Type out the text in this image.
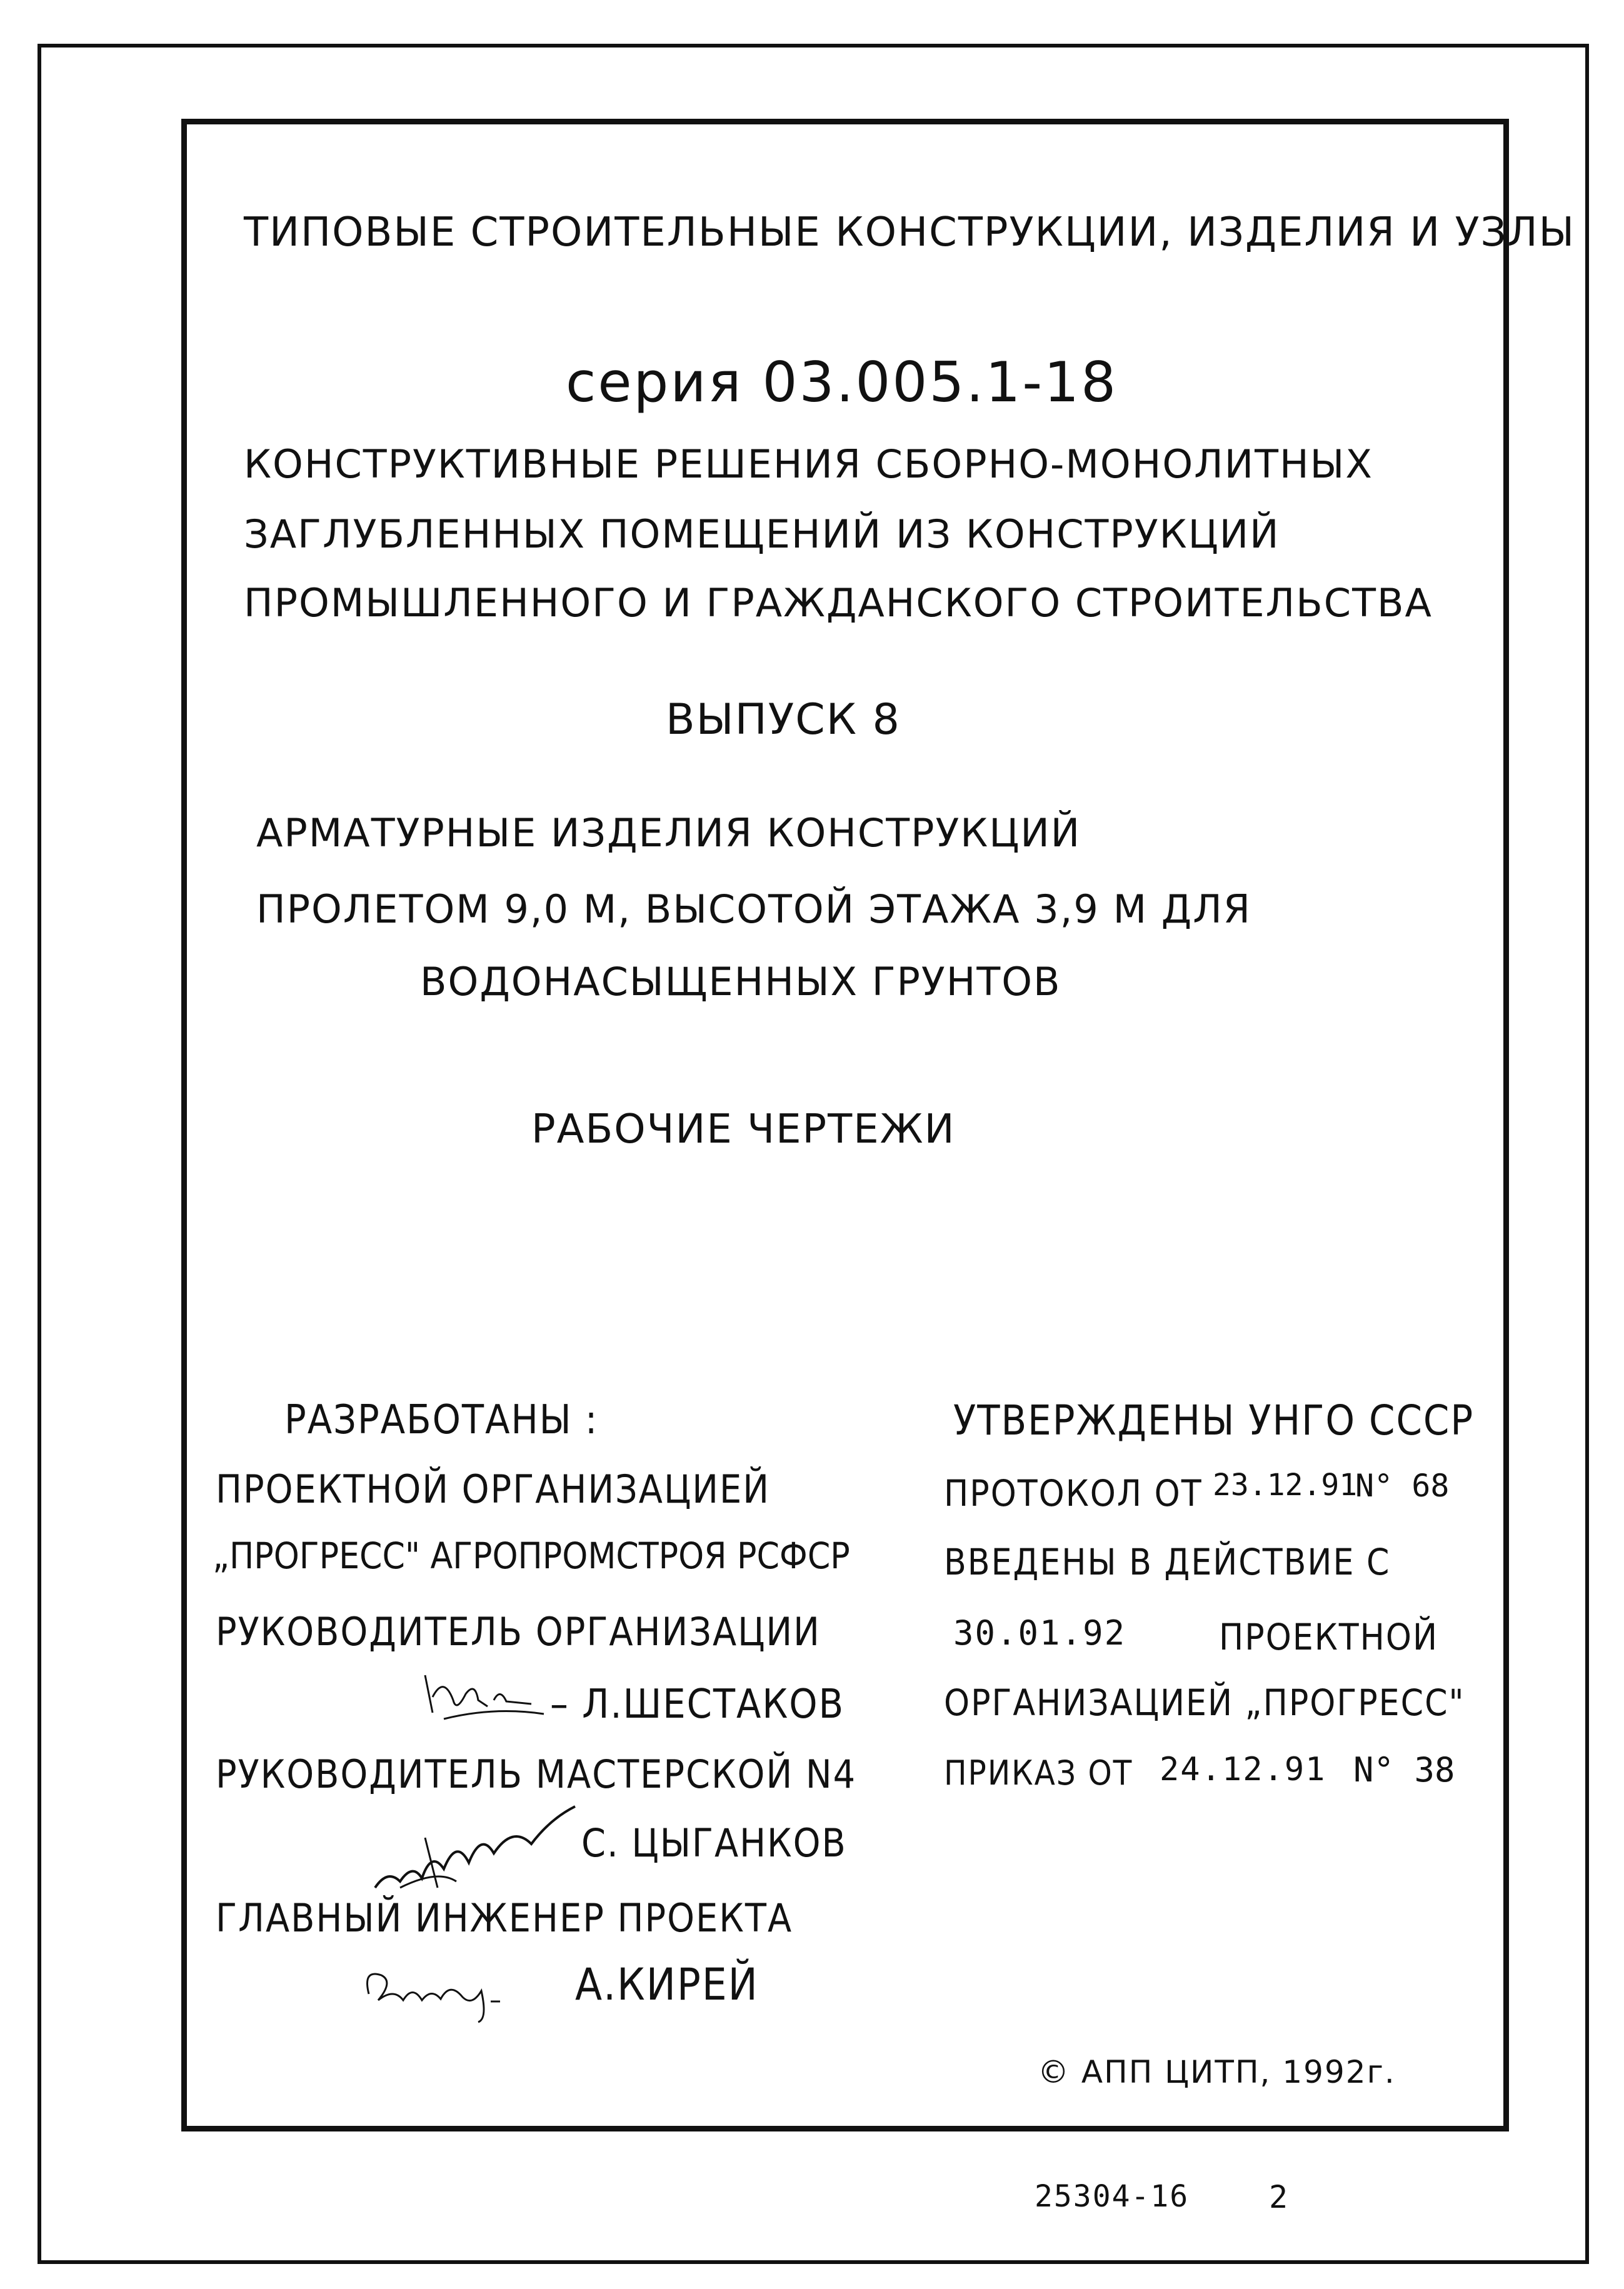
ТИПОВЫЕ СТРОИТЕЛЬНЫЕ КОНСТРУКЦИИ, ИЗДЕЛИЯ И УЗЛЫ
серия 03.005.1-18
КОНСТРУКТИВНЫЕ РЕШЕНИЯ СБОРНО-МОНОЛИТНЫХ
ЗАГЛУБЛЕННЫХ ПОМЕЩЕНИЙ ИЗ КОНСТРУКЦИЙ
ПРОМЫШЛЕННОГО И ГРАЖДАНСКОГО СТРОИТЕЛЬСТВА
ВЫПУСК 8
АРМАТУРНЫЕ ИЗДЕЛИЯ КОНСТРУКЦИЙ
ПРОЛЕТОМ 9,0 М, ВЫСОТОЙ ЭТАЖА 3,9 М ДЛЯ
ВОДОНАСЫЩЕННЫХ ГРУНТОВ
РАБОЧИЕ ЧЕРТЕЖИ
РАЗРАБОТАНЫ :
ПРОЕКТНОЙ ОРГАНИЗАЦИЕЙ
„ПРОГРЕСС" АГРОПРОМСТРОЯ РСФСР
РУКОВОДИТЕЛЬ ОРГАНИЗАЦИИ
– Л.ШЕСТАКОВ
РУКОВОДИТЕЛЬ МАСТЕРСКОЙ N4
С. ЦЫГАНКОВ
ГЛАВНЫЙ ИНЖЕНЕР ПРОЕКТА
А.КИРЕЙ
УТВЕРЖДЕНЫ УНГО СССР
ПРОТОКОЛ ОТ 23.12.91
N° 68
ВВЕДЕНЫ В ДЕЙСТВИЕ С
30.01.92	ПРОЕКТНОЙ
ОРГАНИЗАЦИЕЙ „ПРОГРЕСС"
ПРИКАЗ ОТ 24.12.91 N° 38
© АПП ЦИТП, 1992г.
25304-16	2
